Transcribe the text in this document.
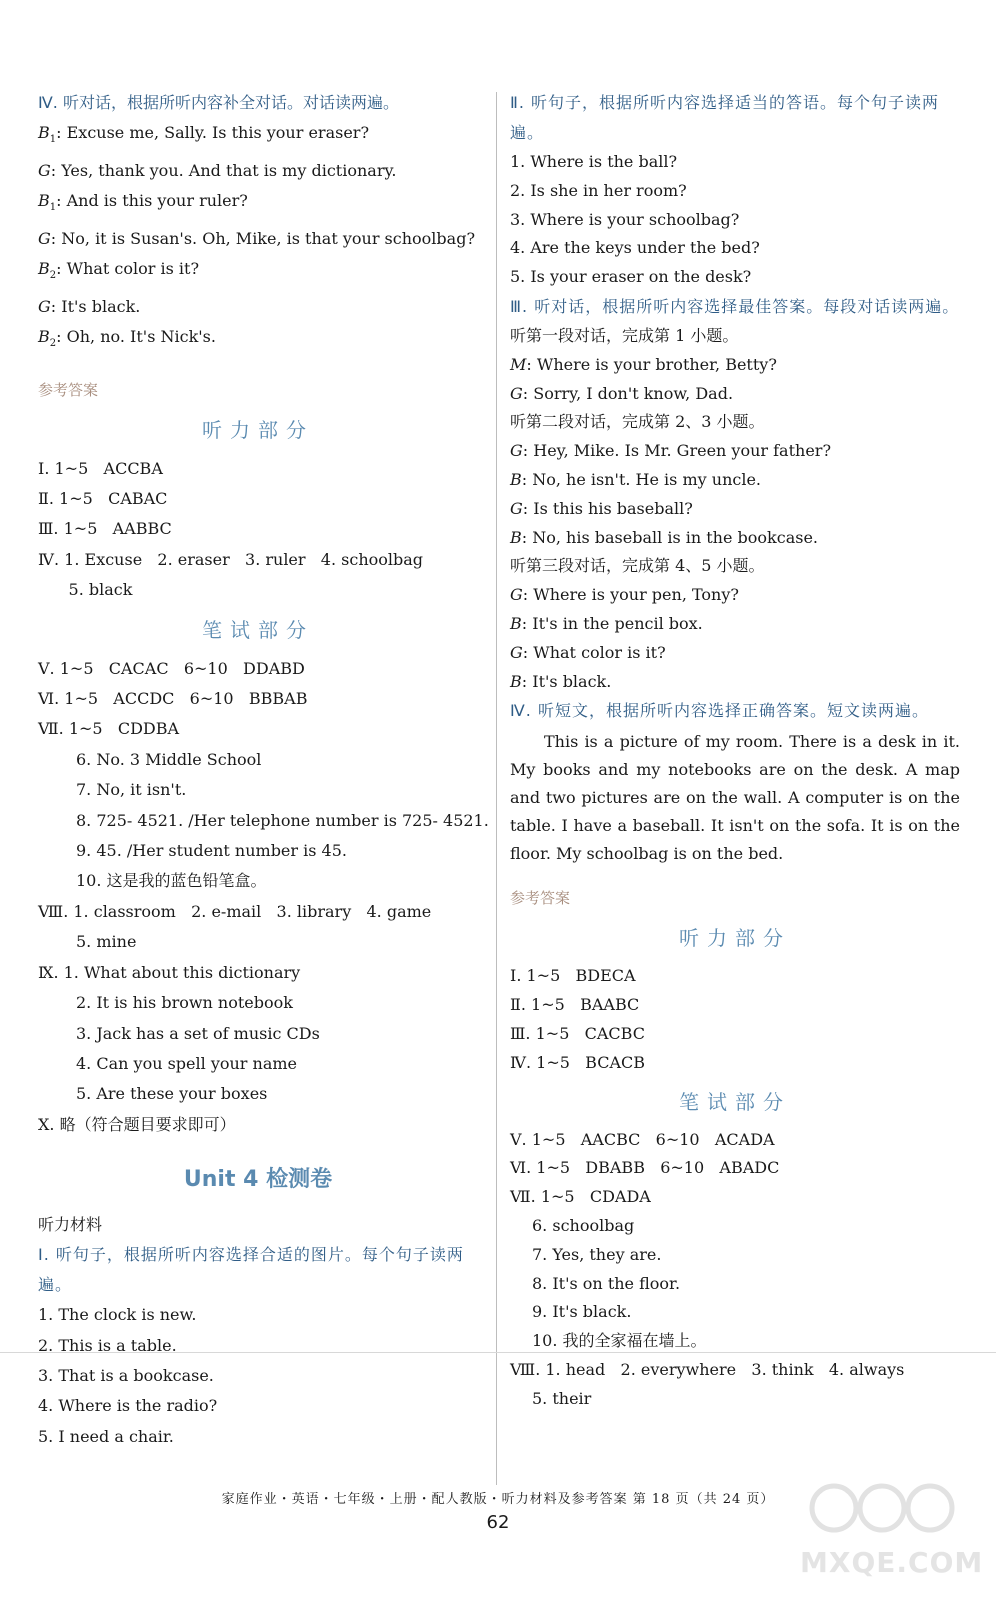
Ⅳ. 听对话，根据所听内容补全对话。对话读两遍。
$B_1$: Excuse me, Sally. Is this your eraser?
G: Yes, thank you. And that is my dictionary.
$B_1$: And is this your ruler?
G: No, it is Susan's. Oh, Mike, is that your schoolbag?
$B_2$: What color is it?
G: It's black.
$B_2$: Oh, no. It's Nick's.
参考答案
听力部分
Ⅰ. 1~5   ACCBA
Ⅱ. 1~5   CABAC
Ⅲ. 1~5   AABBC
Ⅳ. 1. Excuse   2. eraser   3. ruler   4. schoolbag
5. black
笔试部分
Ⅴ. 1~5   CACAC   6~10   DDABD
Ⅵ. 1~5   ACCDC   6~10   BBBAB
Ⅶ. 1~5   CDDBA
6. No. 3 Middle School
7. No, it isn't.
8. 725- 4521. /Her telephone number is 725- 4521.
9. 45. /Her student number is 45.
10. 这是我的蓝色铅笔盒。
Ⅷ. 1. classroom   2. e-mail   3. library   4. game
5. mine
Ⅸ. 1. What about this dictionary
2. It is his brown notebook
3. Jack has a set of music CDs
4. Can you spell your name
5. Are these your boxes
Ⅹ. 略（符合题目要求即可）
Unit 4 检测卷
听力材料
Ⅰ. 听句子，根据所听内容选择合适的图片。每个句子读两遍。
1. The clock is new.
2. This is a table.
3. That is a bookcase.
4. Where is the radio?
5. I need a chair.
Ⅱ. 听句子，根据所听内容选择适当的答语。每个句子读两遍。
1. Where is the ball?
2. Is she in her room?
3. Where is your schoolbag?
4. Are the keys under the bed?
5. Is your eraser on the desk?
Ⅲ. 听对话，根据所听内容选择最佳答案。每段对话读两遍。
听第一段对话，完成第 1 小题。
M: Where is your brother, Betty?
G: Sorry, I don't know, Dad.
听第二段对话，完成第 2、3 小题。
G: Hey, Mike. Is Mr. Green your father?
B: No, he isn't. He is my uncle.
G: Is this his baseball?
B: No, his baseball is in the bookcase.
听第三段对话，完成第 4、5 小题。
G: Where is your pen, Tony?
B: It's in the pencil box.
G: What color is it?
B: It's black.
Ⅳ. 听短文，根据所听内容选择正确答案。短文读两遍。
This is a picture of my room. There is a desk in it. My books and my notebooks are on the desk. A map and two pictures are on the wall. A computer is on the table. I have a baseball. It isn't on the sofa. It is on the floor. My schoolbag is on the bed.
参考答案
听力部分
Ⅰ. 1~5   BDECA
Ⅱ. 1~5   BAABC
Ⅲ. 1~5   CACBC
Ⅳ. 1~5   BCACB
笔试部分
Ⅴ. 1~5   AACBC   6~10   ACADA
Ⅵ. 1~5   DBABB   6~10   ABADC
Ⅶ. 1~5   CDADA
6. schoolbag
7. Yes, they are.
8. It's on the floor.
9. It's black.
10. 我的全家福在墙上。
Ⅷ. 1. head   2. everywhere   3. think   4. always
5. their
家庭作业・英语・七年级・上册・配人教版・听力材料及参考答案 第 18 页（共 24 页）
62
MXQE.COM
